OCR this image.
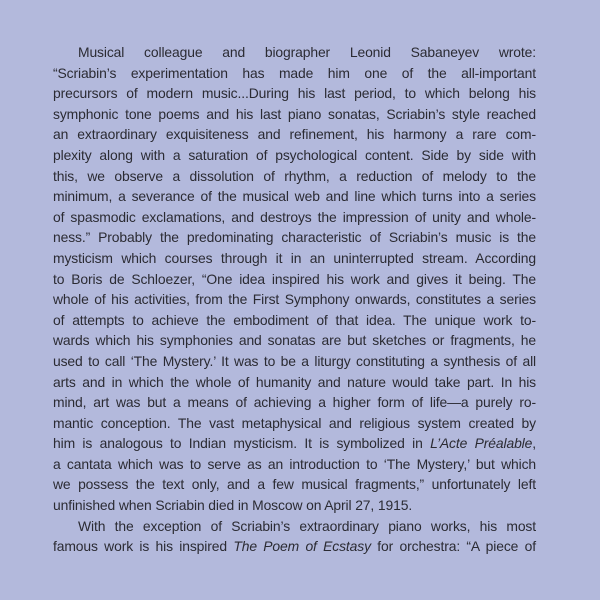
Musical colleague and biographer Leonid Sabaneyev wrote:
“Scriabin’s experimentation has made him one of the all-important
precursors of modern music...During his last period, to which belong his
symphonic tone poems and his last piano sonatas, Scriabin’s style reached
an extraordinary exquisiteness and refinement, his harmony a rare com-
plexity along with a saturation of psychological content. Side by side with
this, we observe a dissolution of rhythm, a reduction of melody to the
minimum, a severance of the musical web and line which turns into a series
of spasmodic exclamations, and destroys the impression of unity and whole-
ness.” Probably the predominating characteristic of Scriabin’s music is the
mysticism which courses through it in an uninterrupted stream. According
to Boris de Schloezer, “One idea inspired his work and gives it being. The
whole of his activities, from the First Symphony onwards, constitutes a series
of attempts to achieve the embodiment of that idea. The unique work to-
wards which his symphonies and sonatas are but sketches or fragments, he
used to call ‘The Mystery.’ It was to be a liturgy constituting a synthesis of all
arts and in which the whole of humanity and nature would take part. In his
mind, art was but a means of achieving a higher form of life—a purely ro-
mantic conception. The vast metaphysical and religious system created by
him is analogous to Indian mysticism. It is symbolized in L’Acte Préalable,
a cantata which was to serve as an introduction to ‘The Mystery,’ but which
we possess the text only, and a few musical fragments,” unfortunately left
unfinished when Scriabin died in Moscow on April 27, 1915.
With the exception of Scriabin’s extraordinary piano works, his most
famous work is his inspired The Poem of Ecstasy for orchestra: “A piece of
